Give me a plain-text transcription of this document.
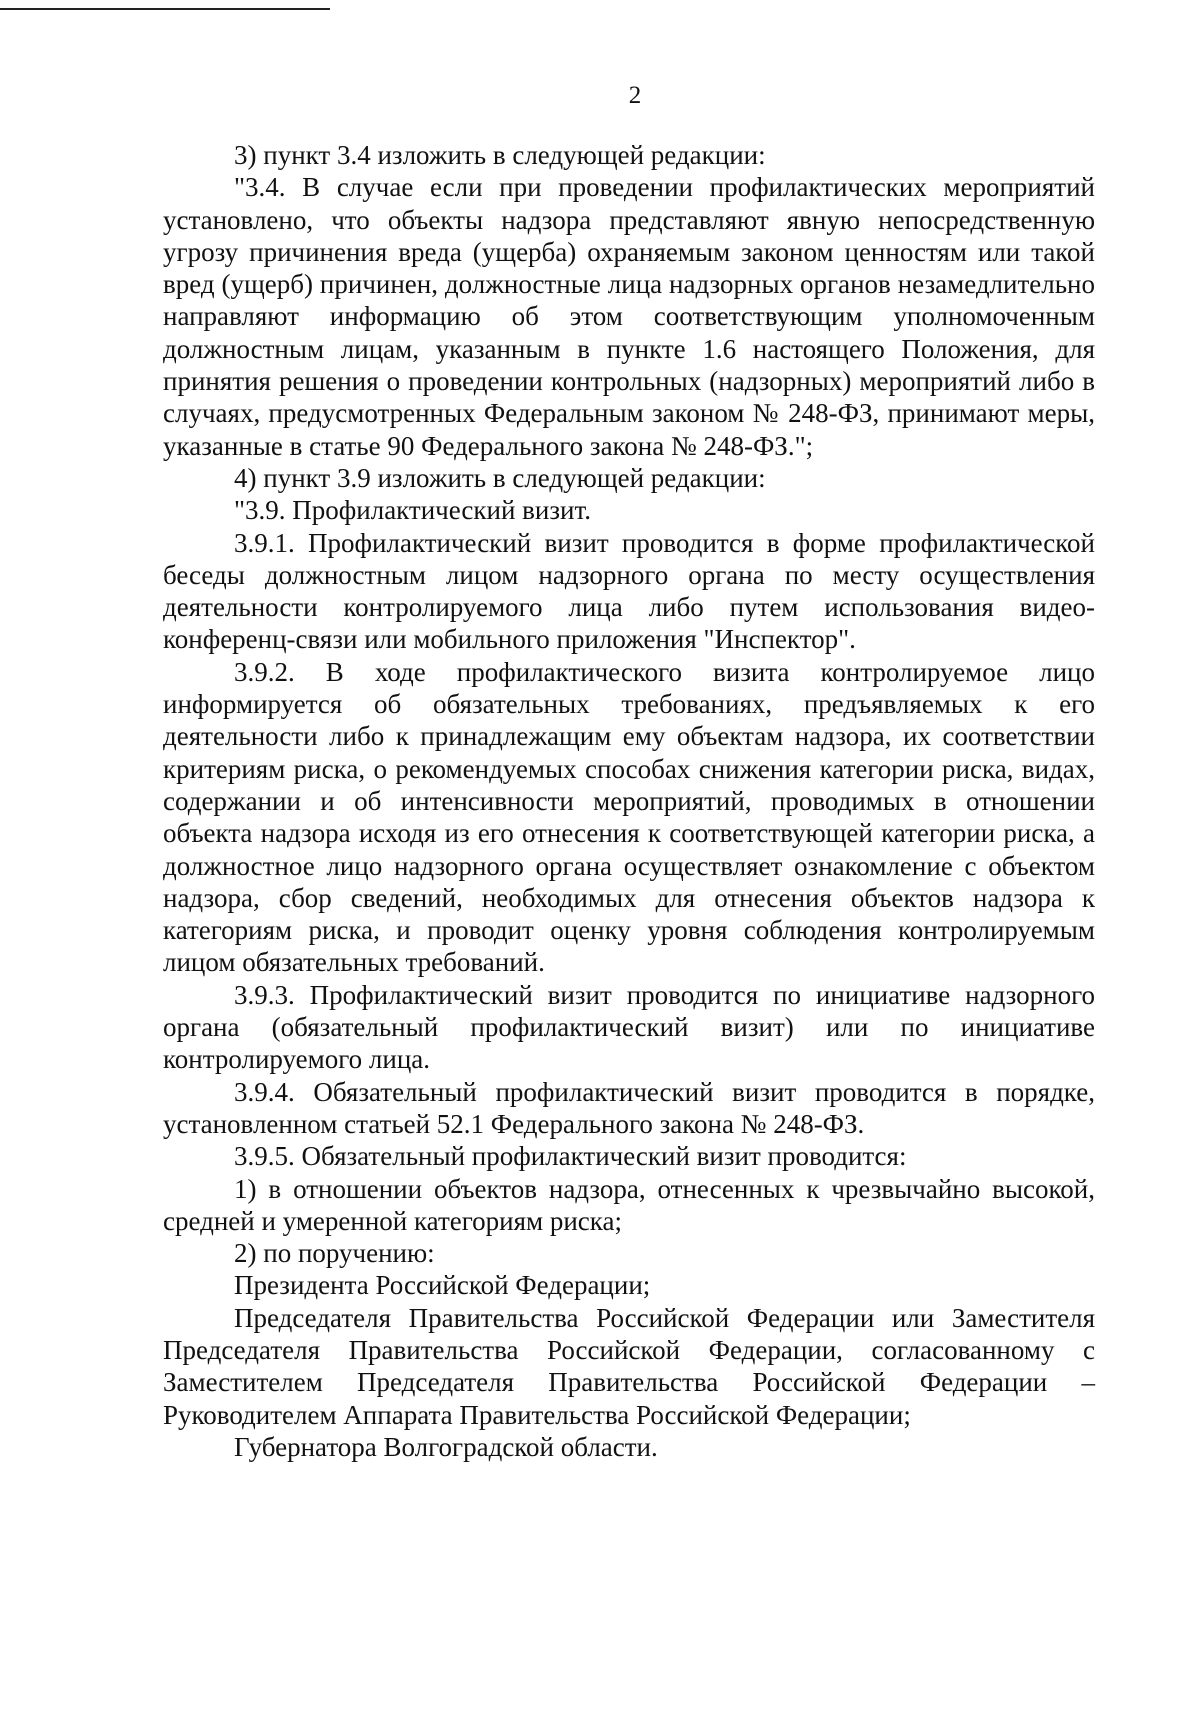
2

3) пункт 3.4 изложить в следующей редакции:

"3.4. В случае если при проведении профилактических мероприятий установлено, что объекты надзора представляют явную непосредственную угрозу причинения вреда (ущерба) охраняемым законом ценностям или такой вред (ущерб) причинен, должностные лица надзорных органов незамедлительно направляют информацию об этом соответствующим уполномоченным должностным лицам, указанным в пункте 1.6 настоящего Положения, для принятия решения о проведении контрольных (надзорных) мероприятий либо в случаях, предусмотренных Федеральным законом № 248-ФЗ, принимают меры, указанные в статье 90 Федерального закона № 248-ФЗ.";

4) пункт 3.9 изложить в следующей редакции:

"3.9. Профилактический визит.

3.9.1. Профилактический визит проводится в форме профилактической беседы должностным лицом надзорного органа по месту осуществления деятельности контролируемого лица либо путем использования видео-конференц-связи или мобильного приложения "Инспектор".

3.9.2. В ходе профилактического визита контролируемое лицо информируется об обязательных требованиях, предъявляемых к его деятельности либо к принадлежащим ему объектам надзора, их соответствии критериям риска, о рекомендуемых способах снижения категории риска, видах, содержании и об интенсивности мероприятий, проводимых в отношении объекта надзора исходя из его отнесения к соответствующей категории риска, а должностное лицо надзорного органа осуществляет ознакомление с объектом надзора, сбор сведений, необходимых для отнесения объектов надзора к категориям риска, и проводит оценку уровня соблюдения контролируемым лицом обязательных требований.

3.9.3. Профилактический визит проводится по инициативе надзорного органа (обязательный профилактический визит) или по инициативе контролируемого лица.

3.9.4. Обязательный профилактический визит проводится в порядке, установленном статьей 52.1 Федерального закона № 248-ФЗ.

3.9.5. Обязательный профилактический визит проводится:

1) в отношении объектов надзора, отнесенных к чрезвычайно высокой, средней и умеренной категориям риска;

2) по поручению:

Президента Российской Федерации;

Председателя Правительства Российской Федерации или Заместителя Председателя Правительства Российской Федерации, согласованному с Заместителем Председателя Правительства Российской Федерации – Руководителем Аппарата Правительства Российской Федерации;

Губернатора Волгоградской области.
